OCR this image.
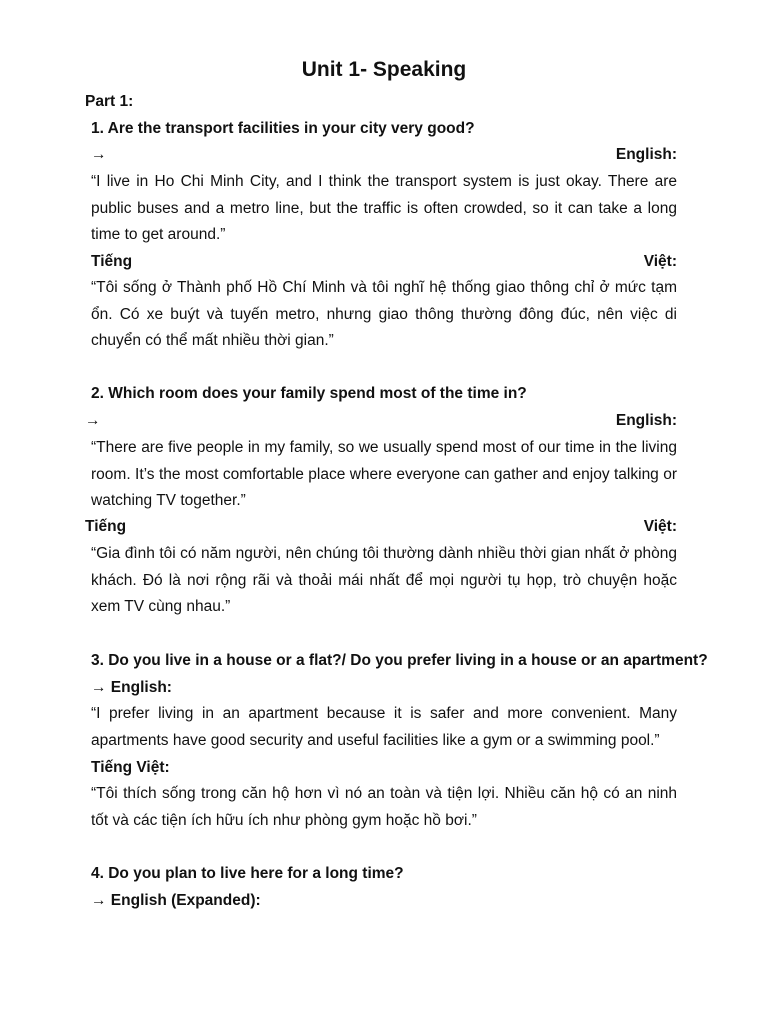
Unit 1- Speaking
Part 1:
1. Are the transport facilities in your city very good?
→	English:
“I live in Ho Chi Minh City, and I think the transport system is just okay. There are public buses and a metro line, but the traffic is often crowded, so it can take a long time to get around.”
Tiếng	Việt:
“Tôi sống ở Thành phố Hồ Chí Minh và tôi nghĩ hệ thống giao thông chỉ ở mức tạm ổn. Có xe buýt và tuyến metro, nhưng giao thông thường đông đúc, nên việc di chuyển có thể mất nhiều thời gian.”
2. Which room does your family spend most of the time in?
→	English:
“There are five people in my family, so we usually spend most of our time in the living room. It’s the most comfortable place where everyone can gather and enjoy talking or watching TV together.”
Tiếng	Việt:
“Gia đình tôi có năm người, nên chúng tôi thường dành nhiều thời gian nhất ở phòng khách. Đó là nơi rộng rãi và thoải mái nhất để mọi người tụ họp, trò chuyện hoặc xem TV cùng nhau.”
3. Do you live in a house or a flat?/ Do you prefer living in a house or an apartment?
→ English:
“I prefer living in an apartment because it is safer and more convenient. Many apartments have good security and useful facilities like a gym or a swimming pool.”
Tiếng Việt:
“Tôi thích sống trong căn hộ hơn vì nó an toàn và tiện lợi. Nhiều căn hộ có an ninh tốt và các tiện ích hữu ích như phòng gym hoặc hồ bơi.”
4. Do you plan to live here for a long time?
→ English (Expanded):
